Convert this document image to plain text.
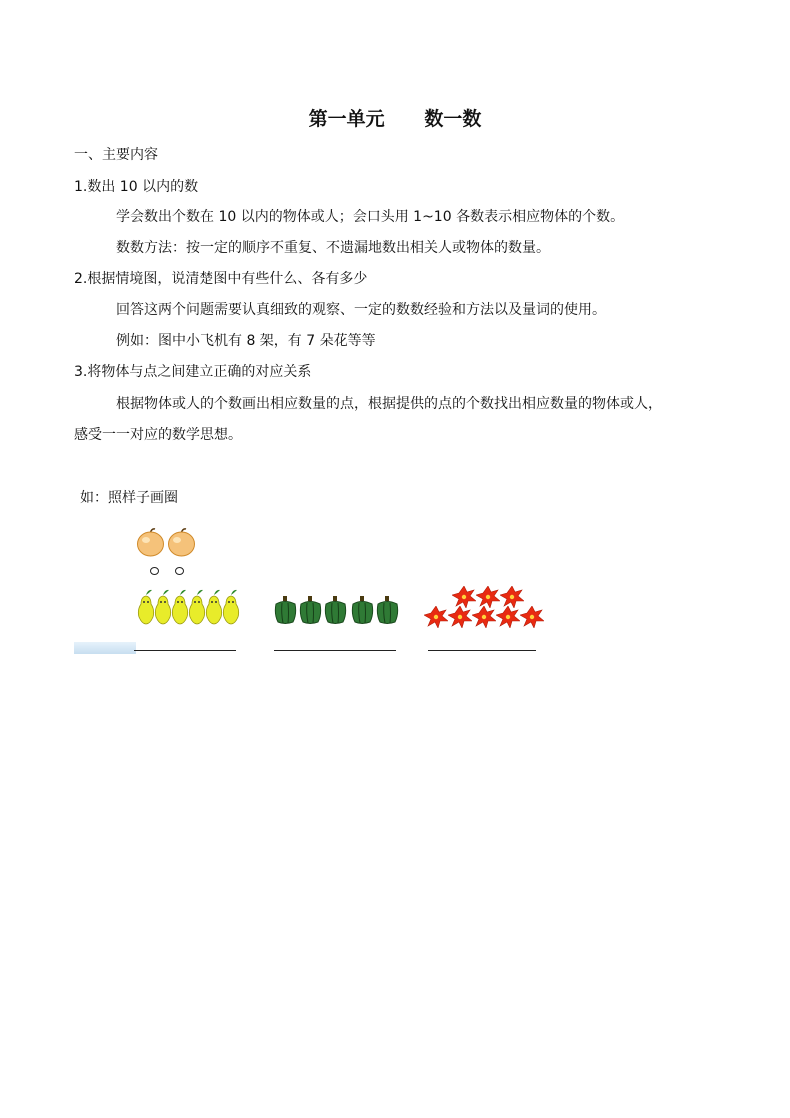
第一单元      数一数
一、主要内容
1.数出 10 以内的数
学会数出个数在 10 以内的物体或人；会口头用 1~10 各数表示相应物体的个数。
数数方法：按一定的顺序不重复、不遗漏地数出相关人或物体的数量。
2.根据情境图，说清楚图中有些什么、各有多少
回答这两个问题需要认真细致的观察、一定的数数经验和方法以及量词的使用。
例如：图中小飞机有 8 架，有 7 朵花等等
3.将物体与点之间建立正确的对应关系
根据物体或人的个数画出相应数量的点，根据提供的点的个数找出相应数量的物体或人，
感受一一对应的数学思想。
如：照样子画圈
